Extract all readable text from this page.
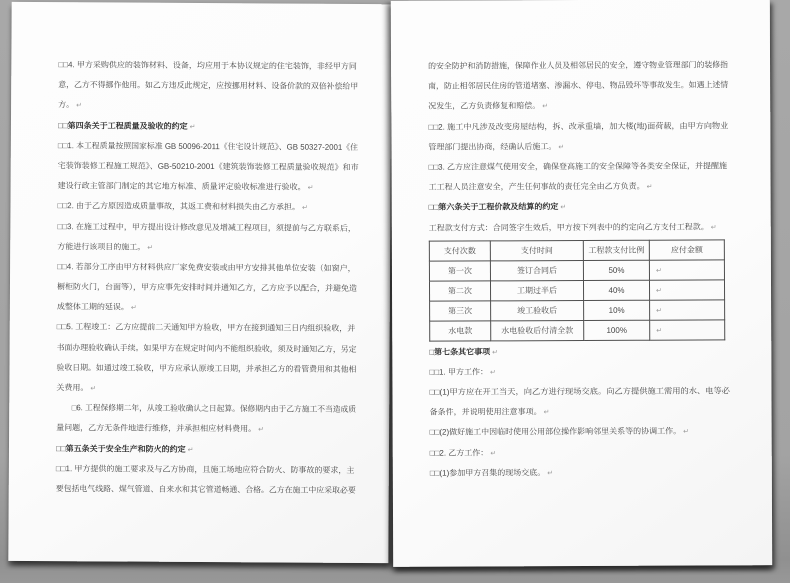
□□4. 甲方采购供应的装饰材料、设备，均应用于本协议规定的住宅装饰，非经甲方同
意，乙方不得挪作他用。如乙方违反此规定，应按挪用材料、设备价款的双倍补偿给甲
方。 ↵
□□第四条关于工程质量及验收的约定 ↵
□□1. 本工程质量按照国家标准 GB 50096-2011《住宅设计规范》、GB 50327-2001《住
宅装饰装修工程施工规范》、GB-50210-2001《建筑装饰装修工程质量验收规范》和市
建设行政主管部门制定的其它地方标准、质量评定验收标准进行验收。 ↵
□□2. 由于乙方原因造成质量事故，其返工费和材料损失由乙方承担。 ↵
□□3. 在施工过程中，甲方提出设计修改意见及增减工程项目，须提前与乙方联系后，
方能进行该项目的施工。 ↵
□□4. 若部分工序由甲方材料供应厂家免费安装或由甲方安排其他单位安装（如窗户，
橱柜防火门，台面等），甲方应事先安排时间并通知乙方，乙方应予以配合，并避免造
成整体工期的延误。 ↵
□□5. 工程竣工：乙方应提前二天通知甲方验收，甲方在接到通知三日内组织验收，并
书面办理验收确认手续。如果甲方在规定时间内不能组织验收，须及时通知乙方，另定
验收日期。如通过竣工验收，甲方应承认原竣工日期，并承担乙方的看管费用和其他相
关费用。 ↵
　　□6. 工程保修期二年，从竣工验收确认之日起算。保修期内由于乙方施工不当造成质
量问题，乙方无条件地进行维修，并承担相应材料费用。 ↵
□□第五条关于安全生产和防火的约定 ↵
□□1. 甲方提供的施工要求及与乙方协商，且施工场地应符合防火、防事故的要求，主
要包括电气线路、煤气管道、自来水和其它管道畅通、合格。乙方在施工中应采取必要
的安全防护和消防措施，保障作业人员及相邻居民的安全，遵守物业管理部门的装修指
南，防止相邻居民住房的管道堵塞、渗漏水、停电、物品毁坏等事故发生。如遇上述情
况发生，乙方负责修复和赔偿。 ↵
□□2. 施工中凡涉及改变房屋结构，拆、改承重墙，加大楼(地)面荷载，由甲方向物业
管理部门提出协商，经确认后施工。 ↵
□□3. 乙方应注意煤气使用安全，确保登高施工的安全保障等各类安全保证，并提醒施
工工程人员注意安全，产生任何事故的责任完全由乙方负责。 ↵
□□第六条关于工程价款及结算的约定 ↵
工程款支付方式：合同签字生效后，甲方按下列表中的约定向乙方支付工程款。 ↵
支付次数	支付时间	工程款支付比例	应付金额
第一次	签订合同后	50%	↵
第二次	工期过半后	40%	↵
第三次	竣工验收后	10%	↵
水电款	水电验收后付清全款	100%	↵
□第七条其它事项 ↵
□□1. 甲方工作： ↵
□□(1)甲方应在开工当天，向乙方进行现场交底。向乙方提供施工需用的水、电等必
备条件，并说明使用注意事项。 ↵
□□(2)做好施工中因临时使用公用部位操作影响邻里关系等的协调工作。 ↵
□□2. 乙方工作： ↵
□□(1)参加甲方召集的现场交底。 ↵
